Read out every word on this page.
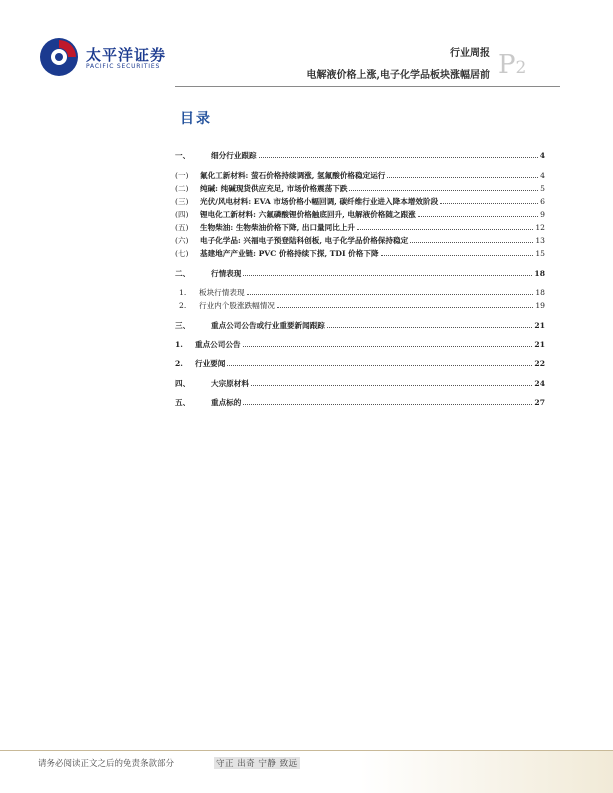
太平洋证券
PACIFIC SECURITIES
行业周报
电解液价格上涨,电子化学品板块涨幅居前 P2
目录
一、	细分行业跟踪	4
(一)	氟化工新材料: 萤石价格持续调涨, 氢氟酸价格稳定运行	4
(二)	纯碱: 纯碱现货供应充足, 市场价格震荡下跌	5
(三)	光伏/风电材料: EVA 市场价格小幅回调, 碳纤维行业进入降本增效阶段	6
(四)	锂电化工新材料: 六氟磷酸锂价格触底回升, 电解液价格随之跟涨	9
(五)	生物柴油: 生物柴油价格下降, 出口量同比上升	12
(六)	电子化学品: 兴福电子预登陆科创板, 电子化学品价格保持稳定	13
(七)	基建地产产业链: PVC 价格持续下探, TDI 价格下降	15
二、	行情表现	18
1.	板块行情表现	18
2.	行业内个股涨跌幅情况	19
三、	重点公司公告或行业重要新闻跟踪	21
1.	重点公司公告	21
2.	行业要闻	22
四、	大宗原材料	24
五、	重点标的	27
请务必阅读正文之后的免责条款部分	守正 出奇 宁静 致远
